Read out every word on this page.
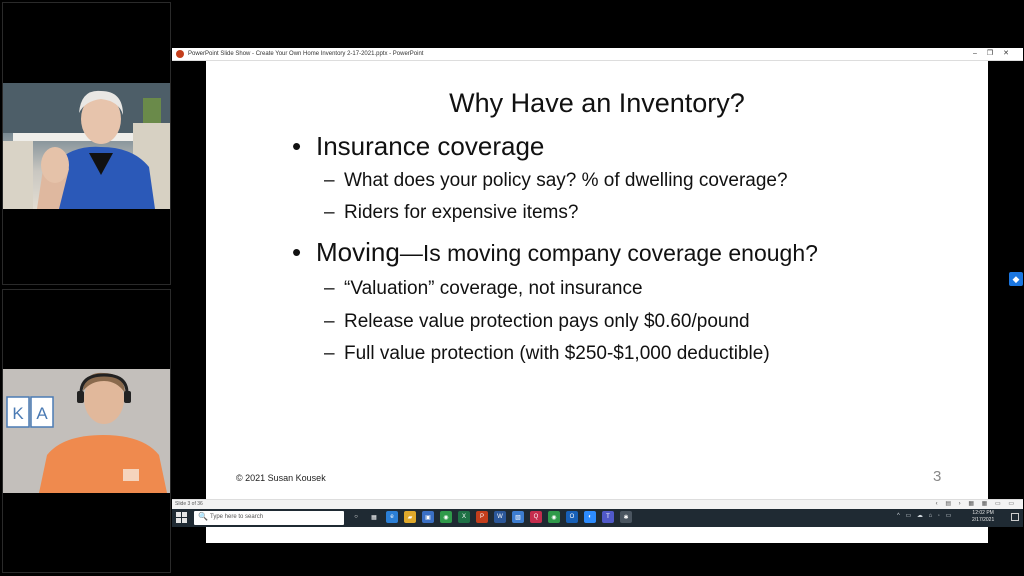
K A
PowerPoint Slide Show - Create Your Own Home Inventory 2-17-2021.pptx - PowerPoint	–❐✕
Why Have an Inventory?
• Insurance coverage
– What does your policy say? % of dwelling coverage?
– Riders for expensive items?
• Moving—Is moving company coverage enough?
– “Valuation” coverage, not insurance
– Release value protection pays only $0.60/pound
– Full value protection (with $250-$1,000 deductible)
© 2021 Susan Kousek	3
Slide 3 of 36	‹ ▤ › ▦ ▦ ▭ ▭
🔍 Type here to search	○	▦	e	▰	▣	◉	X	P	W	▧	Q	◉	O	◐	T	✱	^ ▭ ☁ ⌂ ◦ ▭	12:02 PM
2/17/2021
◆
